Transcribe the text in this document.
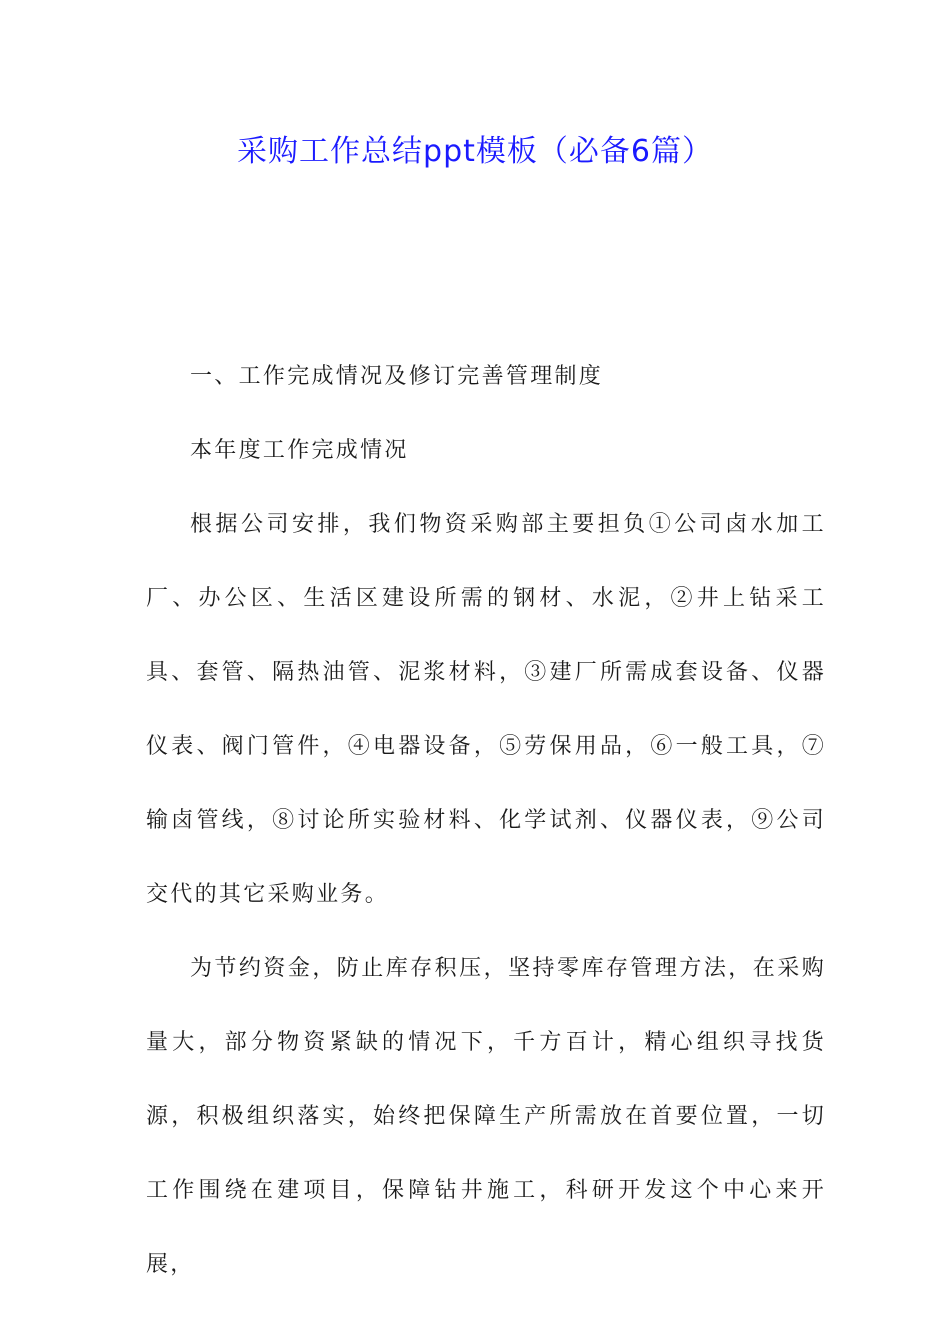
采购工作总结ppt模板（必备6篇）

一、工作完成情况及修订完善管理制度

本年度工作完成情况

根据公司安排，我们物资采购部主要担负①公司卤水加工厂、办公区、生活区建设所需的钢材、水泥，②井上钻采工具、套管、隔热油管、泥浆材料，③建厂所需成套设备、仪器仪表、阀门管件，④电器设备，⑤劳保用品，⑥一般工具，⑦输卤管线，⑧讨论所实验材料、化学试剂、仪器仪表，⑨公司交代的其它采购业务。

为节约资金，防止库存积压，坚持零库存管理方法，在采购量大，部分物资紧缺的情况下，千方百计，精心组织寻找货源，积极组织落实，始终把保障生产所需放在首要位置，一切工作围绕在建项目，保障钻井施工，科研开发这个中心来开展，
